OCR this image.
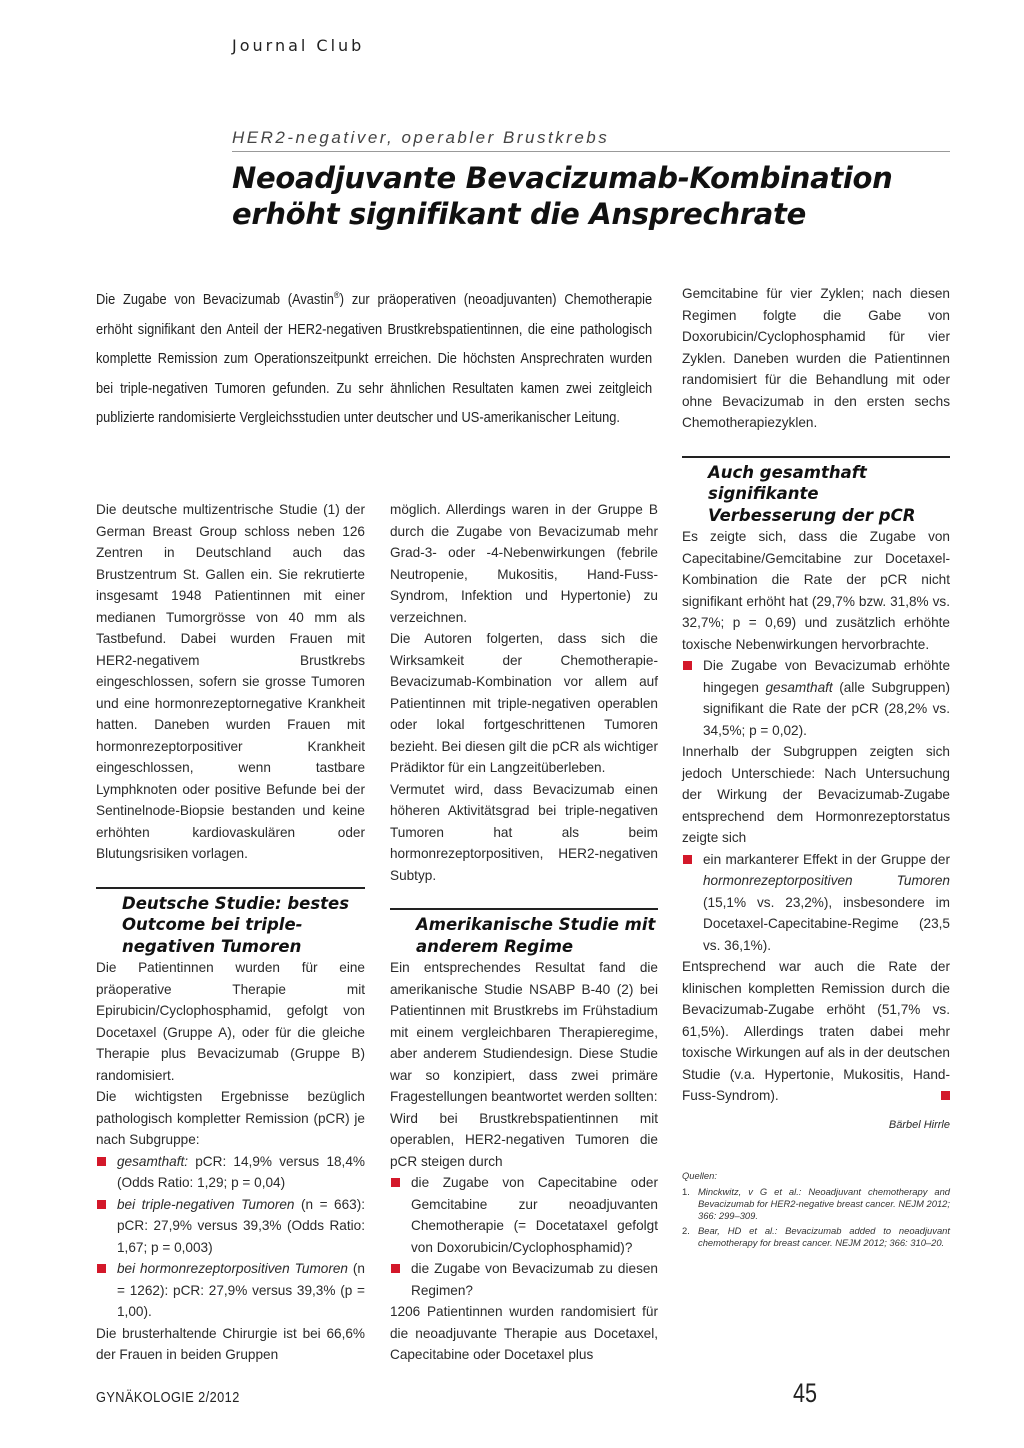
Journal Club
HER2-negativer, operabler Brustkrebs
Neoadjuvante Bevacizumab-Kombination
erhöht signifikant die Ansprechrate

Die Zugabe von Bevacizumab (Avastin®) zur präoperativen (neoadjuvanten) Chemotherapie erhöht signifikant den Anteil der HER2-negativen Brustkrebspatientinnen, die eine pathologisch komplette Remission zum Operationszeitpunkt erreichen. Die höchsten Ansprechraten wurden bei triple-negativen Tumoren gefunden. Zu sehr ähnlichen Resultaten kamen zwei zeitgleich publizierte randomisierte Vergleichsstudien unter deutscher und US-amerikanischer Leitung.

Die deutsche multizentrische Studie (1) der German Breast Group schloss neben 126 Zentren in Deutschland auch das Brustzentrum St. Gallen ein. Sie rekrutierte insgesamt 1948 Patientinnen mit einer medianen Tumorgrösse von 40 mm als Tastbefund. Dabei wurden Frauen mit HER2-negativem Brustkrebs eingeschlossen, sofern sie grosse Tumoren und eine hormonrezeptornegative Krankheit hatten. Daneben wurden Frauen mit hormonrezeptorpositiver Krankheit eingeschlossen, wenn tastbare Lymphknoten oder positive Befunde bei der Sentinelnode-Biopsie bestanden und keine erhöhten kardiovaskulären oder Blutungsrisiken vorlagen.

Deutsche Studie: bestes Outcome bei triple-negativen Tumoren

Die Patientinnen wurden für eine präoperative Therapie mit Epirubicin/Cyclophosphamid, gefolgt von Docetaxel (Gruppe A), oder für die gleiche Therapie plus Bevacizumab (Gruppe B) randomisiert.

Die wichtigsten Ergebnisse bezüglich pathologisch kompletter Remission (pCR) je nach Subgruppe:

gesamthaft: pCR: 14,9% versus 18,4% (Odds Ratio: 1,29; p = 0,04)
bei triple-negativen Tumoren (n = 663): pCR: 27,9% versus 39,3% (Odds Ratio: 1,67; p = 0,003)
bei hormonrezeptorpositiven Tumoren (n = 1262): pCR: 27,9% versus 39,3% (p = 1,00).

Die brusterhaltende Chirurgie ist bei 66,6% der Frauen in beiden Gruppen

möglich. Allerdings waren in der Gruppe B durch die Zugabe von Bevacizumab mehr Grad-3- oder -4-Nebenwirkungen (febrile Neutropenie, Mukositis, Hand-Fuss-Syndrom, Infektion und Hypertonie) zu verzeichnen.

Die Autoren folgerten, dass sich die Wirksamkeit der Chemotherapie-Bevacizumab-Kombination vor allem auf Patientinnen mit triple-negativen operablen oder lokal fortgeschrittenen Tumoren bezieht. Bei diesen gilt die pCR als wichtiger Prädiktor für ein Langzeitüberleben.

Vermutet wird, dass Bevacizumab einen höheren Aktivitätsgrad bei triple-negativen Tumoren hat als beim hormonrezeptorpositiven, HER2-negativen Subtyp.

Amerikanische Studie mit anderem Regime

Ein entsprechendes Resultat fand die amerikanische Studie NSABP B-40 (2) bei Patientinnen mit Brustkrebs im Frühstadium mit einem vergleichbaren Therapieregime, aber anderem Studiendesign. Diese Studie war so konzipiert, dass zwei primäre Fragestellungen beantwortet werden sollten:

Wird bei Brustkrebspatientinnen mit operablen, HER2-negativen Tumoren die pCR steigen durch

die Zugabe von Capecitabine oder Gemcitabine zur neoadjuvanten Chemotherapie (= Docetataxel gefolgt von Doxorubicin/Cyclophosphamid)?
die Zugabe von Bevacizumab zu diesen Regimen?

1206 Patientinnen wurden randomisiert für die neoadjuvante Therapie aus Docetaxel, Capecitabine oder Docetaxel plus

Gemcitabine für vier Zyklen; nach diesen Regimen folgte die Gabe von Doxorubicin/Cyclophosphamid für vier Zyklen. Daneben wurden die Patientinnen randomisiert für die Behandlung mit oder ohne Bevacizumab in den ersten sechs Chemotherapiezyklen.

Auch gesamthaft signifikante Verbesserung der pCR

Es zeigte sich, dass die Zugabe von Capecitabine/Gemcitabine zur Docetaxel-Kombination die Rate der pCR nicht signifikant erhöht hat (29,7% bzw. 31,8% vs. 32,7%; p = 0,69) und zusätzlich erhöhte toxische Nebenwirkungen hervorbrachte.

Die Zugabe von Bevacizumab erhöhte hingegen gesamthaft (alle Subgruppen) signifikant die Rate der pCR (28,2% vs. 34,5%; p = 0,02).

Innerhalb der Subgruppen zeigten sich jedoch Unterschiede: Nach Untersuchung der Wirkung der Bevacizumab-Zugabe entsprechend dem Hormonrezeptorstatus zeigte sich

ein markanterer Effekt in der Gruppe der hormonrezeptorpositiven Tumoren (15,1% vs. 23,2%), insbesondere im Docetaxel-Capecitabine-Regime (23,5 vs. 36,1%).

Entsprechend war auch die Rate der klinischen kompletten Remission durch die Bevacizumab-Zugabe erhöht (51,7% vs. 61,5%). Allerdings traten dabei mehr toxische Wirkungen auf als in der deutschen Studie (v.a. Hypertonie, Mukositis, Hand-Fuss-Syndrom).

Bärbel Hirrle
Quellen:
1. Minckwitz, v G et al.: Neoadjuvant chemotherapy and Bevacizumab for HER2-negative breast cancer. NEJM 2012; 366: 299–309.
2. Bear, HD et al.: Bevacizumab added to neoadjuvant chemotherapy for breast cancer. NEJM 2012; 366: 310–20.
GYNÄKOLOGIE 2/2012	45
